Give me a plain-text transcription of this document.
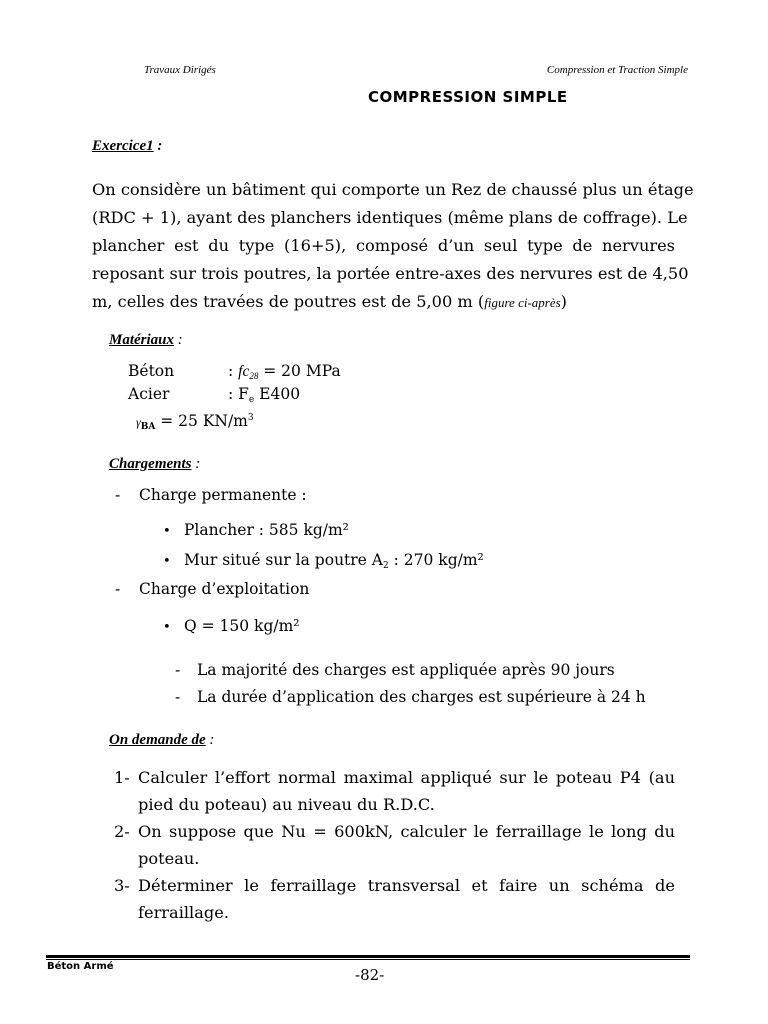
Travaux Dirigés	Compression et Traction Simple
COMPRESSION SIMPLE
Exercice1 :
On considère un bâtiment qui comporte un Rez de chaussé plus un étage
(RDC + 1), ayant des planchers identiques (même plans de coffrage). Le
plancher est du type (16+5), composé d’un seul type de nervures
reposant sur trois poutres, la portée entre-axes des nervures est de 4,50
m, celles des travées de poutres est de 5,00 m (figure ci-après)
Matériaux :
Béton	: $fc_{28} = 20$ MPa
Acier	: $F_e$ E400
$\gamma_{BA} = 25$ $KN/m^3$
Chargements :
- Charge permanente :
• Plancher : 585 kg/m²
• Mur situé sur la poutre $A_2$ : 270 kg/m²
- Charge d’exploitation
• Q = 150 kg/m²
- La majorité des charges est appliquée après 90 jours
- La durée d’application des charges est supérieure à 24 h
On demande de :
1- Calculer l’effort normal maximal appliqué sur le poteau P4 (au
pied du poteau) au niveau du R.D.C.
2- On suppose que Nu = 600kN, calculer le ferraillage le long du
poteau.
3- Déterminer le ferraillage transversal et faire un schéma de
ferraillage.
Béton Armé	-82-
